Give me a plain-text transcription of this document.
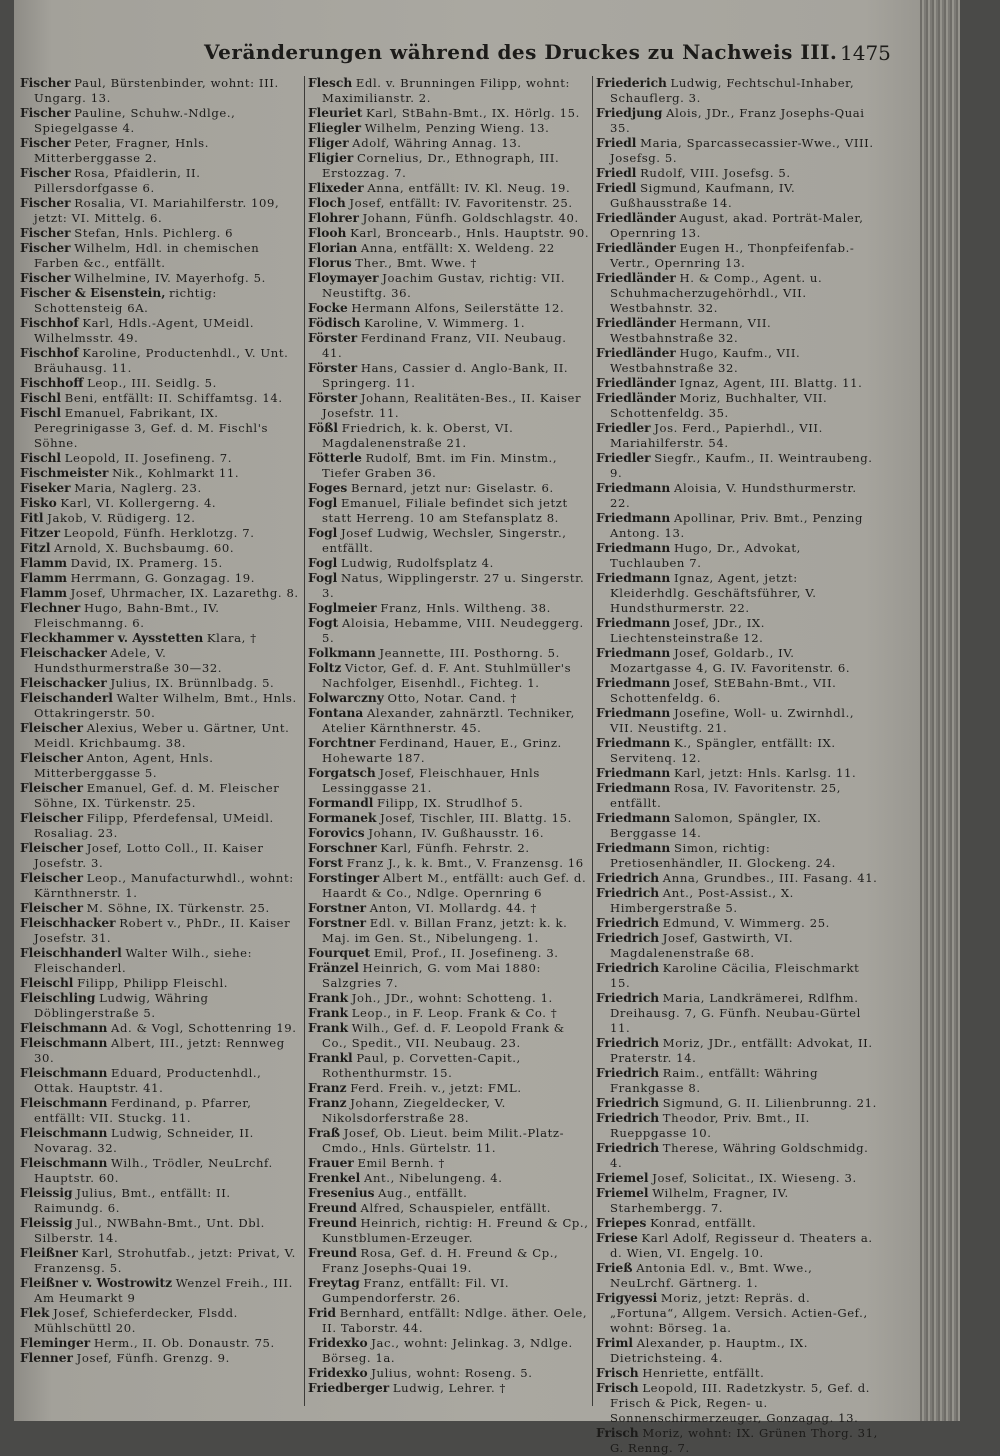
Veränderungen während des Druckes zu Nachweis III. 1475

Fischer Paul, Bürstenbinder, wohnt: III. Ungarg. 13.

Fischer Pauline, Schuhw.-Ndlge., Spiegelgasse 4.

Fischer Peter, Fragner, Hnls. Mitterberggasse 2.

Fischer Rosa, Pfaidlerin, II. Pillersdorfgasse 6.

Fischer Rosalia, VI. Mariahilferstr. 109, jetzt: VI. Mittelg. 6.

Fischer Stefan, Hnls. Pichlerg. 6

Fischer Wilhelm, Hdl. in chemischen Farben &c., entfällt.

Fischer Wilhelmine, IV. Mayerhofg. 5.

Fischer & Eisenstein, richtig: Schottensteig 6A.

Fischhof Karl, Hdls.-Agent, UMeidl. Wilhelmsstr. 49.

Fischhof Karoline, Productenhdl., V. Unt. Bräuhausg. 11.

Fischhoff Leop., III. Seidlg. 5.

Fischl Beni, entfällt: II. Schiffamtsg. 14.

Fischl Emanuel, Fabrikant, IX. Peregrinigasse 3, Gef. d. M. Fischl's Söhne.

Fischl Leopold, II. Josefineng. 7.

Fischmeister Nik., Kohlmarkt 11.

Fiseker Maria, Naglerg. 23.

Fisko Karl, VI. Kollergerng. 4.

Fitl Jakob, V. Rüdigerg. 12.

Fitzer Leopold, Fünfh. Herklotzg. 7.

Fitzl Arnold, X. Buchsbaumg. 60.

Flamm David, IX. Pramerg. 15.

Flamm Herrmann, G. Gonzagag. 19.

Flamm Josef, Uhrmacher, IX. Lazarethg. 8.

Flechner Hugo, Bahn-Bmt., IV. Fleischmanng. 6.

Fleckhammer v. Aysstetten Klara, †

Fleischacker Adele, V. Hundsthurmerstraße 30—32.

Fleischacker Julius, IX. Brünnlbadg. 5.

Fleischanderl Walter Wilhelm, Bmt., Hnls. Ottakringerstr. 50.

Fleischer Alexius, Weber u. Gärtner, Unt. Meidl. Krichbaumg. 38.

Fleischer Anton, Agent, Hnls. Mitterberggasse 5.

Fleischer Emanuel, Gef. d. M. Fleischer Söhne, IX. Türkenstr. 25.

Fleischer Filipp, Pferdefensal, UMeidl. Rosaliag. 23.

Fleischer Josef, Lotto Coll., II. Kaiser Josefstr. 3.

Fleischer Leop., Manufacturwhdl., wohnt: Kärnthnerstr. 1.

Fleischer M. Söhne, IX. Türkenstr. 25.

Fleischhacker Robert v., PhDr., II. Kaiser Josefstr. 31.

Fleischhanderl Walter Wilh., siehe: Fleischanderl.

Fleischl Filipp, Philipp Fleischl.

Fleischling Ludwig, Währing Döblingerstraße 5.

Fleischmann Ad. & Vogl, Schottenring 19.

Fleischmann Albert, III., jetzt: Rennweg 30.

Fleischmann Eduard, Productenhdl., Ottak. Hauptstr. 41.

Fleischmann Ferdinand, p. Pfarrer, entfällt: VII. Stuckg. 11.

Fleischmann Ludwig, Schneider, II. Novarag. 32.

Fleischmann Wilh., Trödler, NeuLrchf. Hauptstr. 60.

Fleissig Julius, Bmt., entfällt: II. Raimundg. 6.

Fleissig Jul., NWBahn-Bmt., Unt. Dbl. Silberstr. 14.

Fleißner Karl, Strohutfab., jetzt: Privat, V. Franzensg. 5.

Fleißner v. Wostrowitz Wenzel Freih., III. Am Heumarkt 9

Flek Josef, Schieferdecker, Flsdd. Mühlschüttl 20.

Fleminger Herm., II. Ob. Donaustr. 75.

Flenner Josef, Fünfh. Grenzg. 9.

Flesch Edl. v. Brunningen Filipp, wohnt: Maximilianstr. 2.

Fleuriet Karl, StBahn-Bmt., IX. Hörlg. 15.

Fliegler Wilhelm, Penzing Wieng. 13.

Fliger Adolf, Währing Annag. 13.

Fligier Cornelius, Dr., Ethnograph, III. Erstozzag. 7.

Flixeder Anna, entfällt: IV. Kl. Neug. 19.

Floch Josef, entfällt: IV. Favoritenstr. 25.

Flohrer Johann, Fünfh. Goldschlagstr. 40.

Flooh Karl, Broncearb., Hnls. Hauptstr. 90.

Florian Anna, entfällt: X. Weldeng. 22

Florus Ther., Bmt. Wwe. †

Floymayer Joachim Gustav, richtig: VII. Neustiftg. 36.

Focke Hermann Alfons, Seilerstätte 12.

Födisch Karoline, V. Wimmerg. 1.

Förster Ferdinand Franz, VII. Neubaug. 41.

Förster Hans, Cassier d. Anglo-Bank, II. Springerg. 11.

Förster Johann, Realitäten-Bes., II. Kaiser Josefstr. 11.

Fößl Friedrich, k. k. Oberst, VI. Magdalenenstraße 21.

Fötterle Rudolf, Bmt. im Fin. Minstm., Tiefer Graben 36.

Foges Bernard, jetzt nur: Giselastr. 6.

Fogl Emanuel, Filiale befindet sich jetzt statt Herreng. 10 am Stefansplatz 8.

Fogl Josef Ludwig, Wechsler, Singerstr., entfällt.

Fogl Ludwig, Rudolfsplatz 4.

Fogl Natus, Wipplingerstr. 27 u. Singerstr. 3.

Foglmeier Franz, Hnls. Wiltheng. 38.

Fogt Aloisia, Hebamme, VIII. Neudeggerg. 5.

Folkmann Jeannette, III. Posthorng. 5.

Foltz Victor, Gef. d. F. Ant. Stuhlmüller's Nachfolger, Eisenhdl., Fichteg. 1.

Folwarczny Otto, Notar. Cand. †

Fontana Alexander, zahnärztl. Techniker, Atelier Kärnthnerstr. 45.

Forchtner Ferdinand, Hauer, E., Grinz. Hohewarte 187.

Forgatsch Josef, Fleischhauer, Hnls Lessinggasse 21.

Formandl Filipp, IX. Strudlhof 5.

Formanek Josef, Tischler, III. Blattg. 15.

Forovics Johann, IV. Gußhausstr. 16.

Forschner Karl, Fünfh. Fehrstr. 2.

Forst Franz J., k. k. Bmt., V. Franzensg. 16

Forstinger Albert M., entfällt: auch Gef. d. Haardt & Co., Ndlge. Opernring 6

Forstner Anton, VI. Mollardg. 44. †

Forstner Edl. v. Billan Franz, jetzt: k. k. Maj. im Gen. St., Nibelungeng. 1.

Fourquet Emil, Prof., II. Josefineng. 3.

Fränzel Heinrich, G. vom Mai 1880: Salzgries 7.

Frank Joh., JDr., wohnt: Schotteng. 1.

Frank Leop., in F. Leop. Frank & Co. †

Frank Wilh., Gef. d. F. Leopold Frank & Co., Spedit., VII. Neubaug. 23.

Frankl Paul, p. Corvetten-Capit., Rothenthurmstr. 15.

Franz Ferd. Freih. v., jetzt: FML.

Franz Johann, Ziegeldecker, V. Nikolsdorferstraße 28.

Fraß Josef, Ob. Lieut. beim Milit.-Platz-Cmdo., Hnls. Gürtelstr. 11.

Frauer Emil Bernh. †

Frenkel Ant., Nibelungeng. 4.

Fresenius Aug., entfällt.

Freund Alfred, Schauspieler, entfällt.

Freund Heinrich, richtig: H. Freund & Cp., Kunstblumen-Erzeuger.

Freund Rosa, Gef. d. H. Freund & Cp., Franz Josephs-Quai 19.

Freytag Franz, entfällt: Fil. VI. Gumpendorferstr. 26.

Frid Bernhard, entfällt: Ndlge. äther. Oele, II. Taborstr. 44.

Fridexko Jac., wohnt: Jelinkag. 3, Ndlge. Börseg. 1a.

Fridexko Julius, wohnt: Roseng. 5.

Friedberger Ludwig, Lehrer. †

Friederich Ludwig, Fechtschul-Inhaber, Schauflerg. 3.

Friedjung Alois, JDr., Franz Josephs-Quai 35.

Friedl Maria, Sparcassecassier-Wwe., VIII. Josefsg. 5.

Friedl Rudolf, VIII. Josefsg. 5.

Friedl Sigmund, Kaufmann, IV. Gußhausstraße 14.

Friedländer August, akad. Porträt-Maler, Opernring 13.

Friedländer Eugen H., Thonpfeifenfab.-Vertr., Opernring 13.

Friedländer H. & Comp., Agent. u. Schuhmacherzugehörhdl., VII. Westbahnstr. 32.

Friedländer Hermann, VII. Westbahnstraße 32.

Friedländer Hugo, Kaufm., VII. Westbahnstraße 32.

Friedländer Ignaz, Agent, III. Blattg. 11.

Friedländer Moriz, Buchhalter, VII. Schottenfeldg. 35.

Friedler Jos. Ferd., Papierhdl., VII. Mariahilferstr. 54.

Friedler Siegfr., Kaufm., II. Weintraubeng. 9.

Friedmann Aloisia, V. Hundsthurmerstr. 22.

Friedmann Apollinar, Priv. Bmt., Penzing Antong. 13.

Friedmann Hugo, Dr., Advokat, Tuchlauben 7.

Friedmann Ignaz, Agent, jetzt: Kleiderhdlg. Geschäftsführer, V. Hundsthurmerstr. 22.

Friedmann Josef, JDr., IX. Liechtensteinstraße 12.

Friedmann Josef, Goldarb., IV. Mozartgasse 4, G. IV. Favoritenstr. 6.

Friedmann Josef, StEBahn-Bmt., VII. Schottenfeldg. 6.

Friedmann Josefine, Woll- u. Zwirnhdl., VII. Neustiftg. 21.

Friedmann K., Spängler, entfällt: IX. Servitenq. 12.

Friedmann Karl, jetzt: Hnls. Karlsg. 11.

Friedmann Rosa, IV. Favoritenstr. 25, entfällt.

Friedmann Salomon, Spängler, IX. Berggasse 14.

Friedmann Simon, richtig: Pretiosenhändler, II. Glockeng. 24.

Friedrich Anna, Grundbes., III. Fasang. 41.

Friedrich Ant., Post-Assist., X. Himbergerstraße 5.

Friedrich Edmund, V. Wimmerg. 25.

Friedrich Josef, Gastwirth, VI. Magdalenenstraße 68.

Friedrich Karoline Cäcilia, Fleischmarkt 15.

Friedrich Maria, Landkrämerei, Rdlfhm. Dreihausg. 7, G. Fünfh. Neubau-Gürtel 11.

Friedrich Moriz, JDr., entfällt: Advokat, II. Praterstr. 14.

Friedrich Raim., entfällt: Währing Frankgasse 8.

Friedrich Sigmund, G. II. Lilienbrunng. 21.

Friedrich Theodor, Priv. Bmt., II. Rueppgasse 10.

Friedrich Therese, Währing Goldschmidg. 4.

Friemel Josef, Solicitat., IX. Wieseng. 3.

Friemel Wilhelm, Fragner, IV. Starhembergg. 7.

Friepes Konrad, entfällt.

Friese Karl Adolf, Regisseur d. Theaters a. d. Wien, VI. Engelg. 10.

Frieß Antonia Edl. v., Bmt. Wwe., NeuLrchf. Gärtnerg. 1.

Frigyessi Moriz, jetzt: Repräs. d. „Fortuna“, Allgem. Versich. Actien-Gef., wohnt: Börseg. 1a.

Friml Alexander, p. Hauptm., IX. Dietrichsteing. 4.

Frisch Henriette, entfällt.

Frisch Leopold, III. Radetzkystr. 5, Gef. d. Frisch & Pick, Regen- u. Sonnenschirmerzeuger, Gonzagag. 13.

Frisch Moriz, wohnt: IX. Grünen Thorg. 31, G. Renng. 7.
